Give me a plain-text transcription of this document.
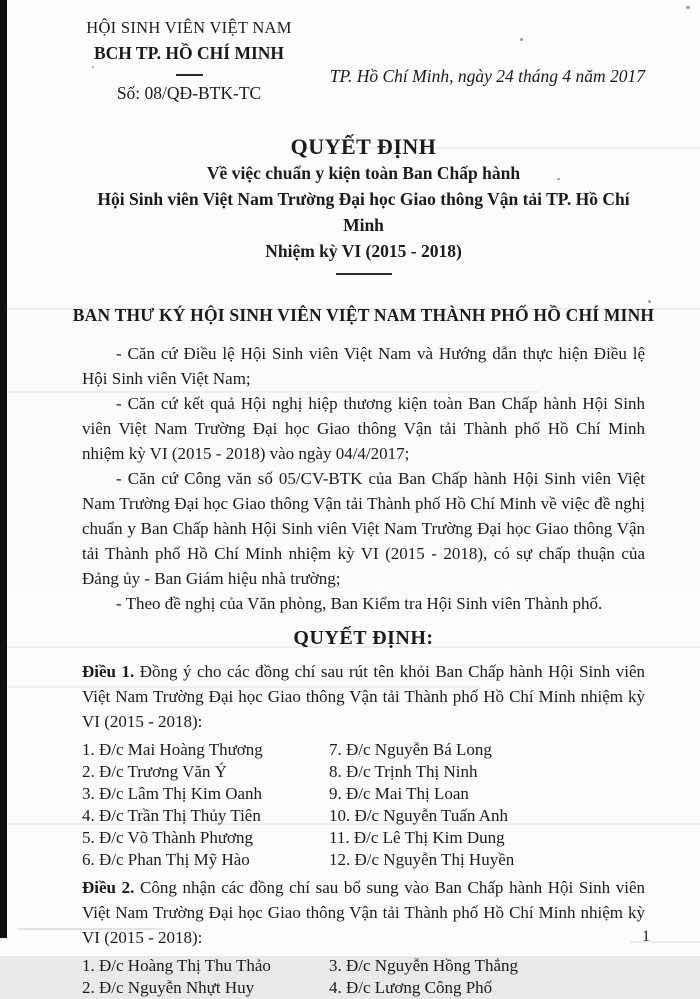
HỘI SINH VIÊN VIỆT NAM
BCH TP. HỒ CHÍ MINH
Số: 08/QĐ-BTK-TC
TP. Hồ Chí Minh, ngày 24 tháng 4 năm 2017
QUYẾT ĐỊNH
Về việc chuẩn y kiện toàn Ban Chấp hành
Hội Sinh viên Việt Nam Trường Đại học Giao thông Vận tải TP. Hồ Chí Minh
Nhiệm kỳ VI (2015 - 2018)
BAN THƯ KÝ HỘI SINH VIÊN VIỆT NAM THÀNH PHỐ HỒ CHÍ MINH

- Căn cứ Điều lệ Hội Sinh viên Việt Nam và Hướng dẫn thực hiện Điều lệ Hội Sinh viên Việt Nam;

- Căn cứ kết quả Hội nghị hiệp thương kiện toàn Ban Chấp hành Hội Sinh viên Việt Nam Trường Đại học Giao thông Vận tải Thành phố Hồ Chí Minh nhiệm kỳ VI (2015 - 2018) vào ngày 04/4/2017;

- Căn cứ Công văn số 05/CV-BTK của Ban Chấp hành Hội Sinh viên Việt Nam Trường Đại học Giao thông Vận tải Thành phố Hồ Chí Minh về việc đề nghị chuẩn y Ban Chấp hành Hội Sinh viên Việt Nam Trường Đại học Giao thông Vận tải Thành phố Hồ Chí Minh nhiệm kỳ VI (2015 - 2018), có sự chấp thuận của Đảng ủy - Ban Giám hiệu nhà trường;

- Theo đề nghị của Văn phòng, Ban Kiểm tra Hội Sinh viên Thành phố.

QUYẾT ĐỊNH:

Điều 1. Đồng ý cho các đồng chí sau rút tên khỏi Ban Chấp hành Hội Sinh viên Việt Nam Trường Đại học Giao thông Vận tải Thành phố Hồ Chí Minh nhiệm kỳ VI (2015 - 2018):

1. Đ/c Mai Hoàng Thương
2. Đ/c Trương Văn Ý
3. Đ/c Lâm Thị Kim Oanh
4. Đ/c Trần Thị Thủy Tiên
5. Đ/c Võ Thành Phương
6. Đ/c Phan Thị Mỹ Hào
7. Đ/c Nguyễn Bá Long
8. Đ/c Trịnh Thị Ninh
9. Đ/c Mai Thị Loan
10. Đ/c Nguyễn Tuấn Anh
11. Đ/c Lê Thị Kim Dung
12. Đ/c Nguyễn Thị Huyền

Điều 2. Công nhận các đồng chí sau bổ sung vào Ban Chấp hành Hội Sinh viên Việt Nam Trường Đại học Giao thông Vận tải Thành phố Hồ Chí Minh nhiệm kỳ VI (2015 - 2018):

1. Đ/c Hoàng Thị Thu Thảo
2. Đ/c Nguyễn Nhựt Huy
3. Đ/c Nguyễn Hồng Thắng
4. Đ/c Lương Công Phố
1
